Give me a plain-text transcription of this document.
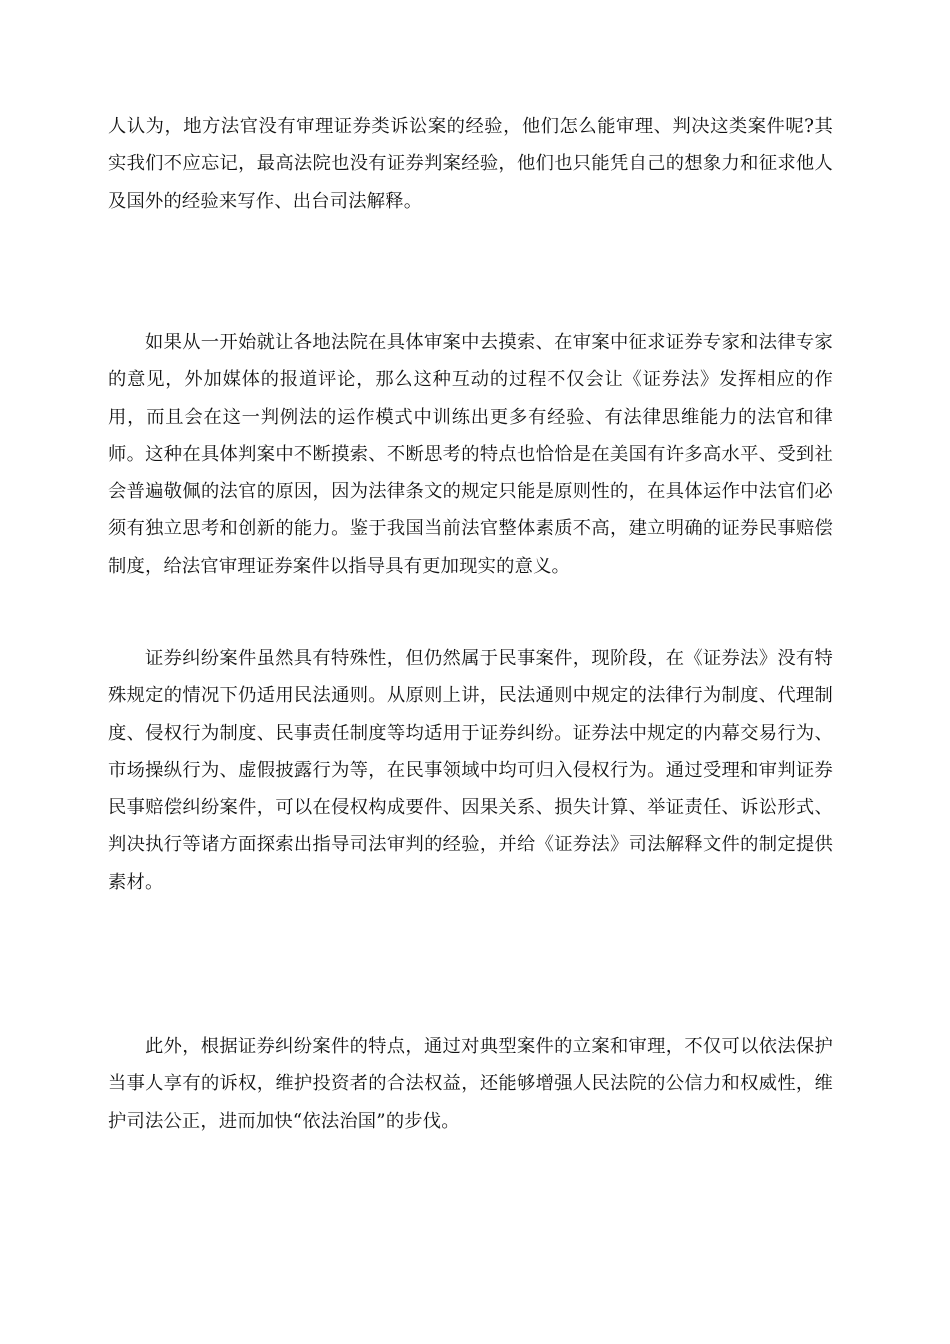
人认为，地方法官没有审理证券类诉讼案的经验，他们怎么能审理、判决这类案件呢?其实我们不应忘记，最高法院也没有证券判案经验，他们也只能凭自己的想象力和征求他人及国外的经验来写作、出台司法解释。

如果从一开始就让各地法院在具体审案中去摸索、在审案中征求证券专家和法律专家的意见，外加媒体的报道评论，那么这种互动的过程不仅会让《证券法》发挥相应的作用，而且会在这一判例法的运作模式中训练出更多有经验、有法律思维能力的法官和律师。这种在具体判案中不断摸索、不断思考的特点也恰恰是在美国有许多高水平、受到社会普遍敬佩的法官的原因，因为法律条文的规定只能是原则性的，在具体运作中法官们必须有独立思考和创新的能力。鉴于我国当前法官整体素质不高，建立明确的证券民事赔偿制度，给法官审理证券案件以指导具有更加现实的意义。

证券纠纷案件虽然具有特殊性，但仍然属于民事案件，现阶段，在《证券法》没有特殊规定的情况下仍适用民法通则。从原则上讲，民法通则中规定的法律行为制度、代理制度、侵权行为制度、民事责任制度等均适用于证券纠纷。证券法中规定的内幕交易行为、市场操纵行为、虚假披露行为等，在民事领域中均可归入侵权行为。通过受理和审判证券民事赔偿纠纷案件，可以在侵权构成要件、因果关系、损失计算、举证责任、诉讼形式、判决执行等诸方面探索出指导司法审判的经验，并给《证券法》司法解释文件的制定提供素材。

此外，根据证券纠纷案件的特点，通过对典型案件的立案和审理，不仅可以依法保护当事人享有的诉权，维护投资者的合法权益，还能够增强人民法院的公信力和权威性，维护司法公正，进而加快“依法治国”的步伐。
